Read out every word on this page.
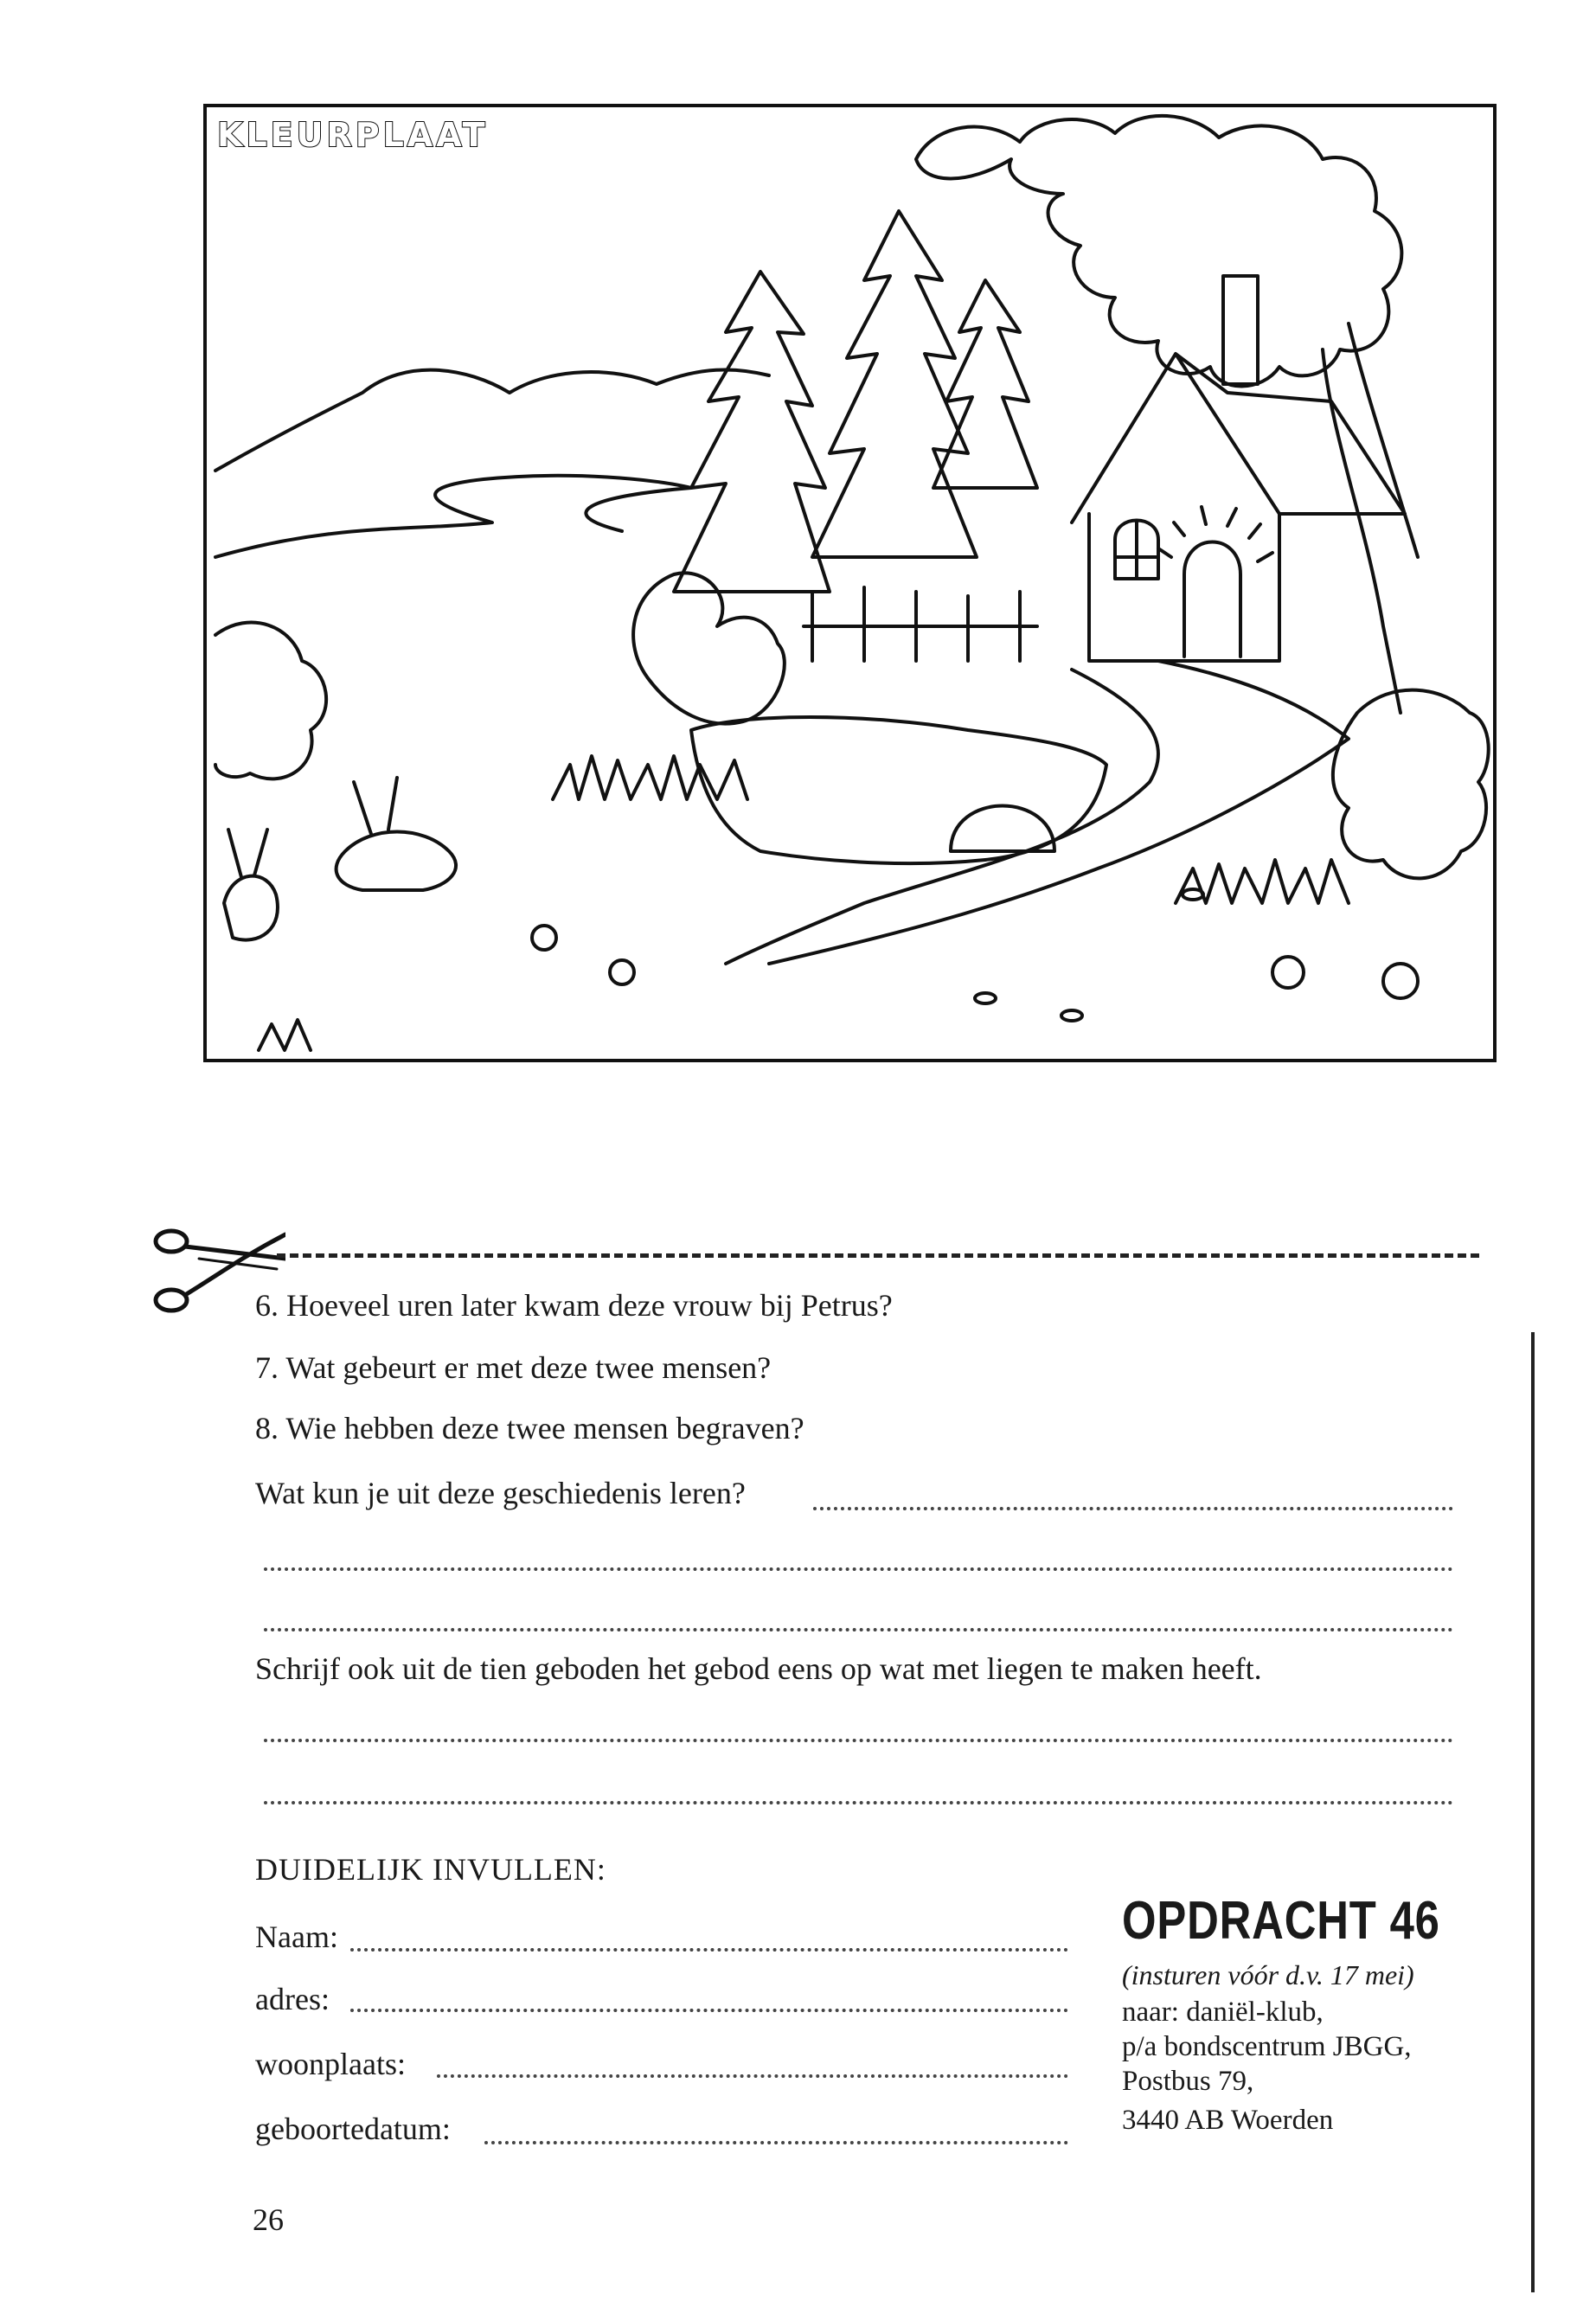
KLEURPLAAT
6. Hoeveel uren later kwam deze vrouw bij Petrus?
7. Wat gebeurt er met deze twee mensen?
8. Wie hebben deze twee mensen begraven?
Wat kun je uit deze geschiedenis leren?
Schrijf ook uit de tien geboden het gebod eens op wat met liegen te maken heeft.
DUIDELIJK INVULLEN:
Naam:
adres:
woonplaats:
geboortedatum:
OPDRACHT 46
(insturen vóór d.v. 17 mei)
naar: daniël-klub,
p/a bondscentrum JBGG,
Postbus 79,
3440 AB Woerden
26
